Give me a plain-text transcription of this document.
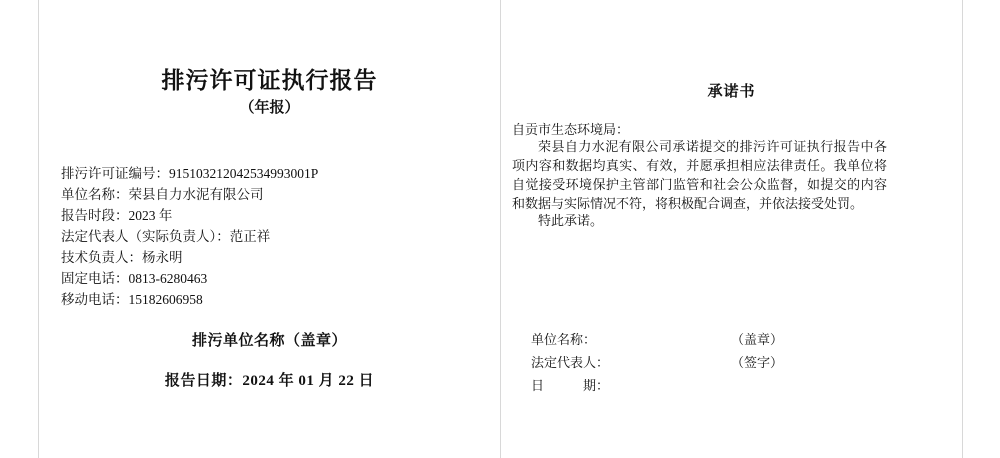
排污许可证执行报告
（年报）
排污许可证编号：91510321204253499​3001P
单位名称：荣县自力水泥有限公司
报告时段：2023 年
法定代表人（实际负责人）：范正祥
技术负责人：杨永明
固定电话：0813-6280463
移动电话：15182606958
排污单位名称（盖章）
报告日期：2024 年 01 月 22 日
承诺书
自贡市生态环境局：
荣县自力水泥有限公司承诺提交的排污许可证执行报告中各项内容和数据均真实、有效，并愿承担相应法律责任。我单位将自觉接受环境保护主管部门监管和社会公众监督，如提交的内容和数据与实际情况不符，将积极配合调查，并依法接受处罚。
特此承诺。
单位名称：	（盖章）
法定代表人：	（签字）
日　　　期：
